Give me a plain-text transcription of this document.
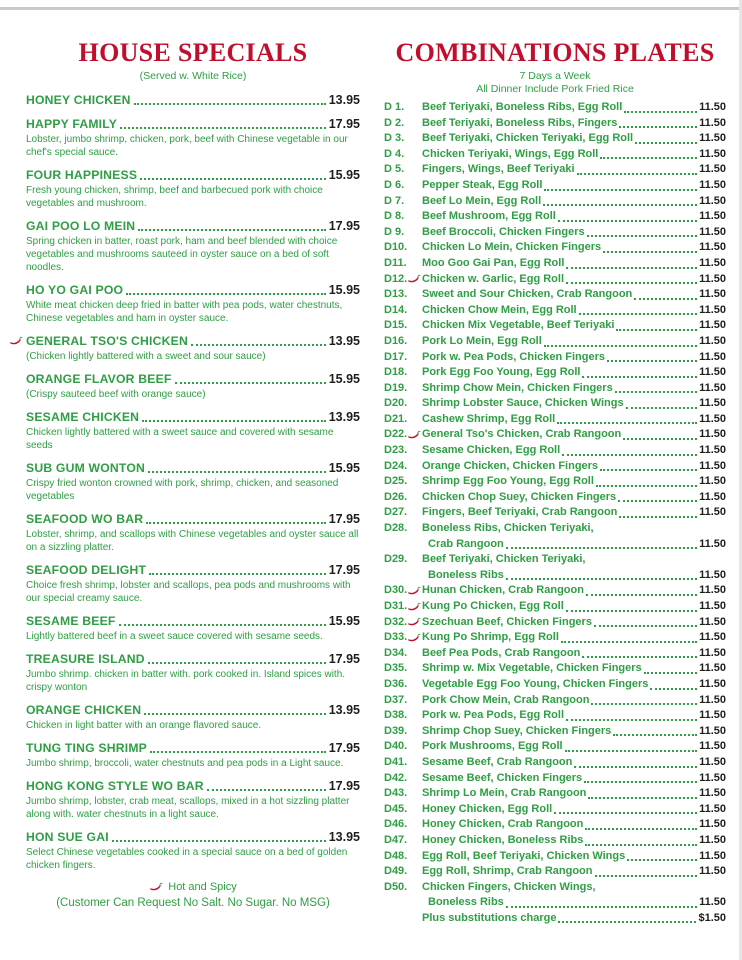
HOUSE SPECIALS
(Served w. White Rice)
HONEY CHICKEN	13.95
HAPPY FAMILY	17.95
Lobster, jumbo shrimp, chicken, pork, beef with Chinese vegetable in our chef's special sauce.
FOUR HAPPINESS	15.95
Fresh young chicken, shrimp, beef and barbecued pork with choice vegetables and mushroom.
GAI POO LO MEIN	17.95
Spring chicken in batter, roast pork, ham and beef blended with choice vegetables and mushrooms sauteed in oyster sauce on a bed of soft noodles.
HO YO GAI POO	15.95
White meat chicken deep fried in batter with pea pods, water chestnuts, Chinese vegetables and ham in oyster sauce.
GENERAL TSO'S CHICKEN	13.95
(Chicken lightly battered with a sweet and sour sauce)
ORANGE FLAVOR BEEF	15.95
(Crispy sauteed beef with orange sauce)
SESAME CHICKEN	13.95
Chicken lightly battered with a sweet sauce and covered with sesame seeds
SUB GUM WONTON	15.95
Crispy fried wonton crowned with pork, shrimp, chicken, and seasoned vegetables
SEAFOOD WO BAR	17.95
Lobster, shrimp, and scallops with Chinese vegetables and oyster sauce all on a sizzling platter.
SEAFOOD DELIGHT	17.95
Choice fresh shrimp, lobster and scallops, pea pods and mushrooms with our special creamy sauce.
SESAME BEEF	15.95
Lightly battered beef in a sweet sauce covered with sesame seeds.
TREASURE ISLAND	17.95
Jumbo shrimp. chicken in batter with. pork cooked in. Island spices with. crispy wonton
ORANGE CHICKEN	13.95
Chicken in light batter with an orange flavored sauce.
TUNG TING SHRIMP	17.95
Jumbo shrimp, broccoli, water chestnuts and pea pods in a Light sauce.
HONG KONG STYLE WO BAR	17.95
Jumbo shrimp, lobster, crab meat, scallops, mixed in a hot sizzling platter along with. water chestnuts in a light sauce.
HON SUE GAI	13.95
Select Chinese vegetables cooked in a special sauce on a bed of golden chicken fingers.
Hot and Spicy
(Customer Can Request No Salt. No Sugar. No MSG)
COMBINATIONS PLATES
7 Days a Week
All Dinner Include Pork Fried Rice
D 1.	Beef Teriyaki, Boneless Ribs, Egg Roll	11.50
D 2.	Beef Teriyaki, Boneless Ribs, Fingers	11.50
D 3.	Beef Teriyaki, Chicken Teriyaki, Egg Roll	11.50
D 4.	Chicken Teriyaki, Wings, Egg Roll	11.50
D 5.	Fingers, Wings, Beef Teriyaki	11.50
D 6.	Pepper Steak, Egg Roll	11.50
D 7.	Beef Lo Mein, Egg Roll	11.50
D 8.	Beef Mushroom, Egg Roll	11.50
D 9.	Beef Broccoli, Chicken Fingers	11.50
D10.	Chicken Lo Mein, Chicken Fingers	11.50
D11.	Moo Goo Gai Pan, Egg Roll	11.50
D12.	Chicken w. Garlic, Egg Roll	11.50
D13.	Sweet and Sour Chicken, Crab Rangoon	11.50
D14.	Chicken Chow Mein, Egg Roll	11.50
D15.	Chicken Mix Vegetable, Beef Teriyaki	11.50
D16.	Pork Lo Mein, Egg Roll	11.50
D17.	Pork w. Pea Pods, Chicken Fingers	11.50
D18.	Pork Egg Foo Young, Egg Roll	11.50
D19.	Shrimp Chow Mein, Chicken Fingers	11.50
D20.	Shrimp Lobster Sauce, Chicken Wings	11.50
D21.	Cashew Shrimp, Egg Roll	11.50
D22.	General Tso's Chicken, Crab Rangoon	11.50
D23.	Sesame Chicken, Egg Roll	11.50
D24.	Orange Chicken, Chicken Fingers	11.50
D25.	Shrimp Egg Foo Young, Egg Roll	11.50
D26.	Chicken Chop Suey, Chicken Fingers	11.50
D27.	Fingers, Beef Teriyaki, Crab Rangoon	11.50
D28.	Boneless Ribs, Chicken Teriyaki,
Crab Rangoon	11.50
D29.	Beef Teriyaki, Chicken Teriyaki,
Boneless Ribs	11.50
D30.	Hunan Chicken, Crab Rangoon	11.50
D31.	Kung Po Chicken, Egg Roll	11.50
D32.	Szechuan Beef, Chicken Fingers	11.50
D33.	Kung Po Shrimp, Egg Roll	11.50
D34.	Beef Pea Pods, Crab Rangoon	11.50
D35.	Shrimp w. Mix Vegetable, Chicken Fingers	11.50
D36.	Vegetable Egg Foo Young, Chicken Fingers	11.50
D37.	Pork Chow Mein, Crab Rangoon	11.50
D38.	Pork w. Pea Pods, Egg Roll	11.50
D39.	Shrimp Chop Suey, Chicken Fingers	11.50
D40.	Pork Mushrooms, Egg Roll	11.50
D41.	Sesame Beef, Crab Rangoon	11.50
D42.	Sesame Beef, Chicken Fingers	11.50
D43.	Shrimp Lo Mein, Crab Rangoon	11.50
D45.	Honey Chicken, Egg Roll	11.50
D46.	Honey Chicken, Crab Rangoon	11.50
D47.	Honey Chicken, Boneless Ribs	11.50
D48.	Egg Roll, Beef Teriyaki, Chicken Wings	11.50
D49.	Egg Roll, Shrimp, Crab Rangoon	11.50
D50.	Chicken Fingers, Chicken Wings,
Boneless Ribs	11.50
Plus substitutions charge	$1.50
